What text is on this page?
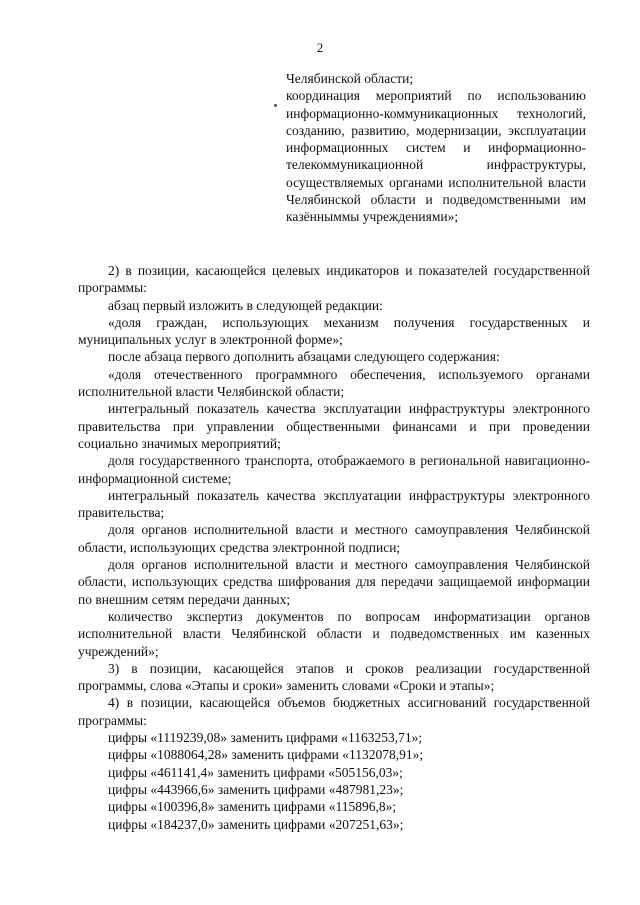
2

Челябинской области;

координация мероприятий по использованию информационно-коммуникационных технологий, созданию, развитию, модернизации, эксплуатации информационных систем и информационно-телекоммуникационной инфраструктуры, осуществляемых органами исполнительной власти Челябинской области и подведомственными им казённыммы учреждениями»;

2) в позиции, касающейся целевых индикаторов и показателей государственной программы:

абзац первый изложить в следующей редакции:

«доля граждан, использующих механизм получения государственных и муниципальных услуг в электронной форме»;

после абзаца первого дополнить абзацами следующего содержания:

«доля отечественного программного обеспечения, используемого органами исполнительной власти Челябинской области;

интегральный показатель качества эксплуатации инфраструктуры электронного правительства при управлении общественными финансами и при проведении социально значимых мероприятий;

доля государственного транспорта, отображаемого в региональной навигационно-информационной системе;

интегральный показатель качества эксплуатации инфраструктуры электронного правительства;

доля органов исполнительной власти и местного самоуправления Челябинской области, использующих средства электронной подписи;

доля органов исполнительной власти и местного самоуправления Челябинской области, использующих средства шифрования для передачи защищаемой информации по внешним сетям передачи данных;

количество экспертиз документов по вопросам информатизации органов исполнительной власти Челябинской области и подведомственных им казенных учреждений»;

3) в позиции, касающейся этапов и сроков реализации государственной программы, слова «Этапы и сроки» заменить словами «Сроки и этапы»;

4) в позиции, касающейся объемов бюджетных ассигнований государственной программы:

цифры «1119239,08» заменить цифрами «1163253,71»;

цифры «1088064,28» заменить цифрами «1132078,91»;

цифры «461141,4» заменить цифрами «505156,03»;

цифры «443966,6» заменить цифрами «487981,23»;

цифры «100396,8» заменить цифрами «115896,8»;

цифры «184237,0» заменить цифрами «207251,63»;
